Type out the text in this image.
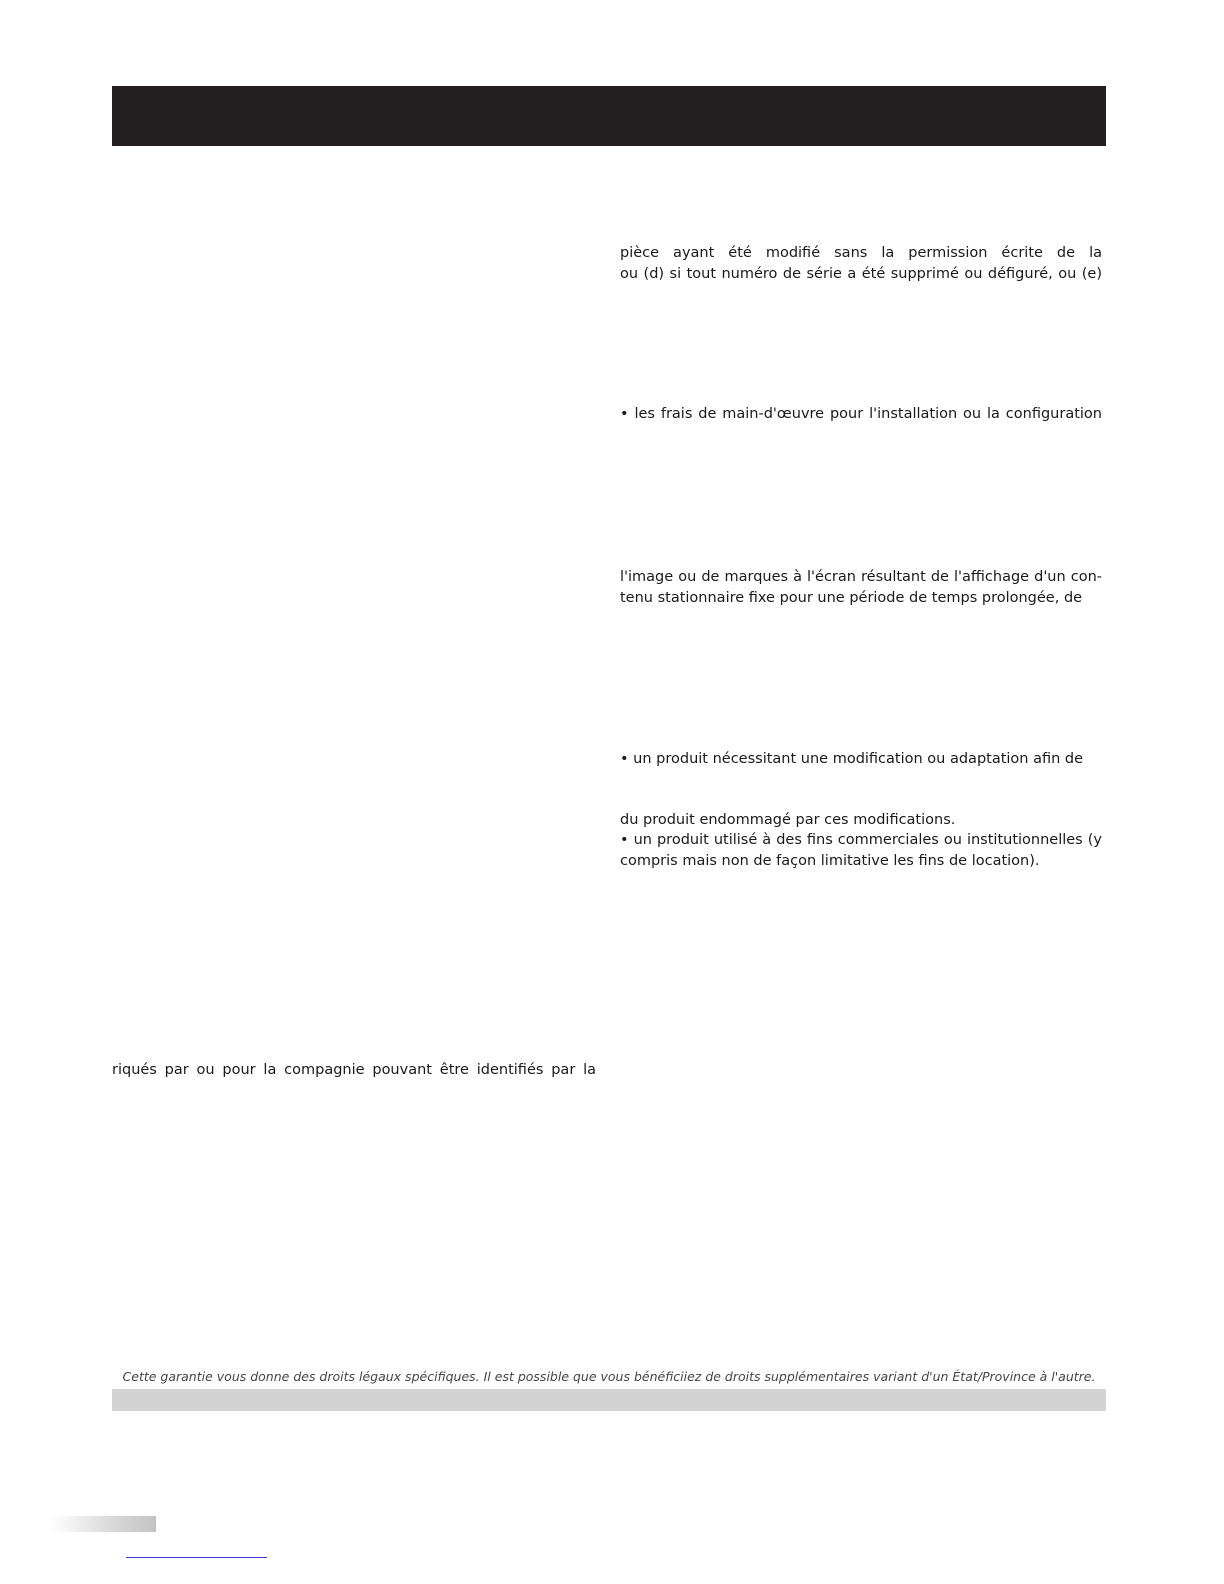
pièce ayant été modifié sans la permission écrite de la
ou (d) si tout numéro de série a été supprimé ou défiguré, ou (e)
• les frais de main-d'œuvre pour l'installation ou la configuration
l'image ou de marques à l'écran résultant de l'affichage d'un con-
tenu stationnaire fixe pour une période de temps prolongée, de
• un produit nécessitant une modification ou adaptation afin de
du produit endommagé par ces modifications.
• un produit utilisé à des fins commerciales ou institutionnelles (y
compris mais non de façon limitative les fins de location).
riqués par ou pour la compagnie pouvant être identifiés par la
Cette garantie vous donne des droits légaux spécifiques. Il est possible que vous bénéficiiez de droits supplémentaires variant d'un État/Province à l'autre.
